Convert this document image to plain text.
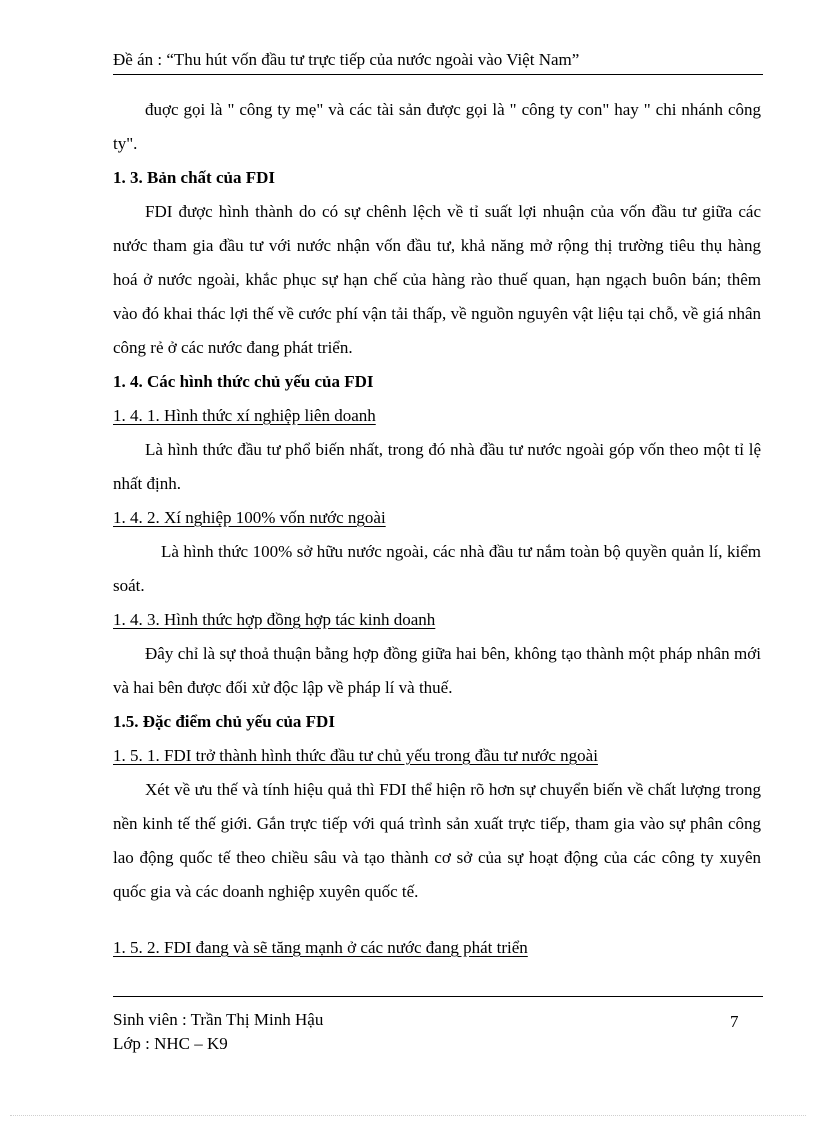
Đề án : “Thu hút vốn đầu tư trực tiếp của nước ngoài vào Việt Nam”

đuợc gọi là " công ty mẹ" và các tài sản được gọi là " công ty con" hay " chi nhánh công ty".

1. 3. Bản chất của FDI

FDI được hình thành do có sự chênh lệch về tỉ suất lợi nhuận của vốn đầu tư giữa các nước tham gia đầu tư với nước nhận vốn đầu tư, khả năng mở rộng thị trường tiêu thụ hàng hoá ở nước ngoài, khắc phục sự hạn chế của hàng rào thuế quan, hạn ngạch buôn bán; thêm vào đó khai thác lợi thế về cước phí vận tải thấp, về nguồn nguyên vật liệu tại chỗ, về giá nhân công rẻ ở các nước đang phát triển.

1. 4. Các hình thức chủ yếu của FDI

1. 4. 1. Hình thức xí nghiệp liên doanh

Là hình thức đầu tư phổ biến nhất, trong đó nhà đầu tư nước ngoài góp vốn theo một tỉ lệ nhất định.

1. 4. 2. Xí nghiệp 100% vốn nước ngoài

Là hình thức 100% sở hữu nước ngoài, các nhà đầu tư nắm toàn bộ quyền quản lí, kiểm soát.

1. 4. 3. Hình thức hợp đồng hợp tác kinh doanh

Đây chỉ là sự thoả thuận bằng hợp đồng giữa hai bên, không tạo thành một pháp nhân mới và hai bên được đối xử độc lập về pháp lí và thuế.

1.5. Đặc điểm chủ yếu của FDI

1. 5. 1. FDI trở thành hình thức đầu tư chủ yếu trong đầu tư nước ngoài

Xét về ưu thế và tính hiệu quả thì FDI thể hiện rõ hơn sự chuyển biến về chất lượng trong nền kinh tế thế giới. Gắn trực tiếp với quá trình sản xuất trực tiếp, tham gia vào sự phân công lao động quốc tế theo chiều sâu và tạo thành cơ sở của sự hoạt động của các công ty xuyên quốc gia và các doanh nghiệp xuyên quốc tế.

1. 5. 2. FDI đang và sẽ tăng mạnh ở các nước đang phát triển

Sinh viên : Trần Thị Minh Hậu
Lớp : NHC – K9
7
